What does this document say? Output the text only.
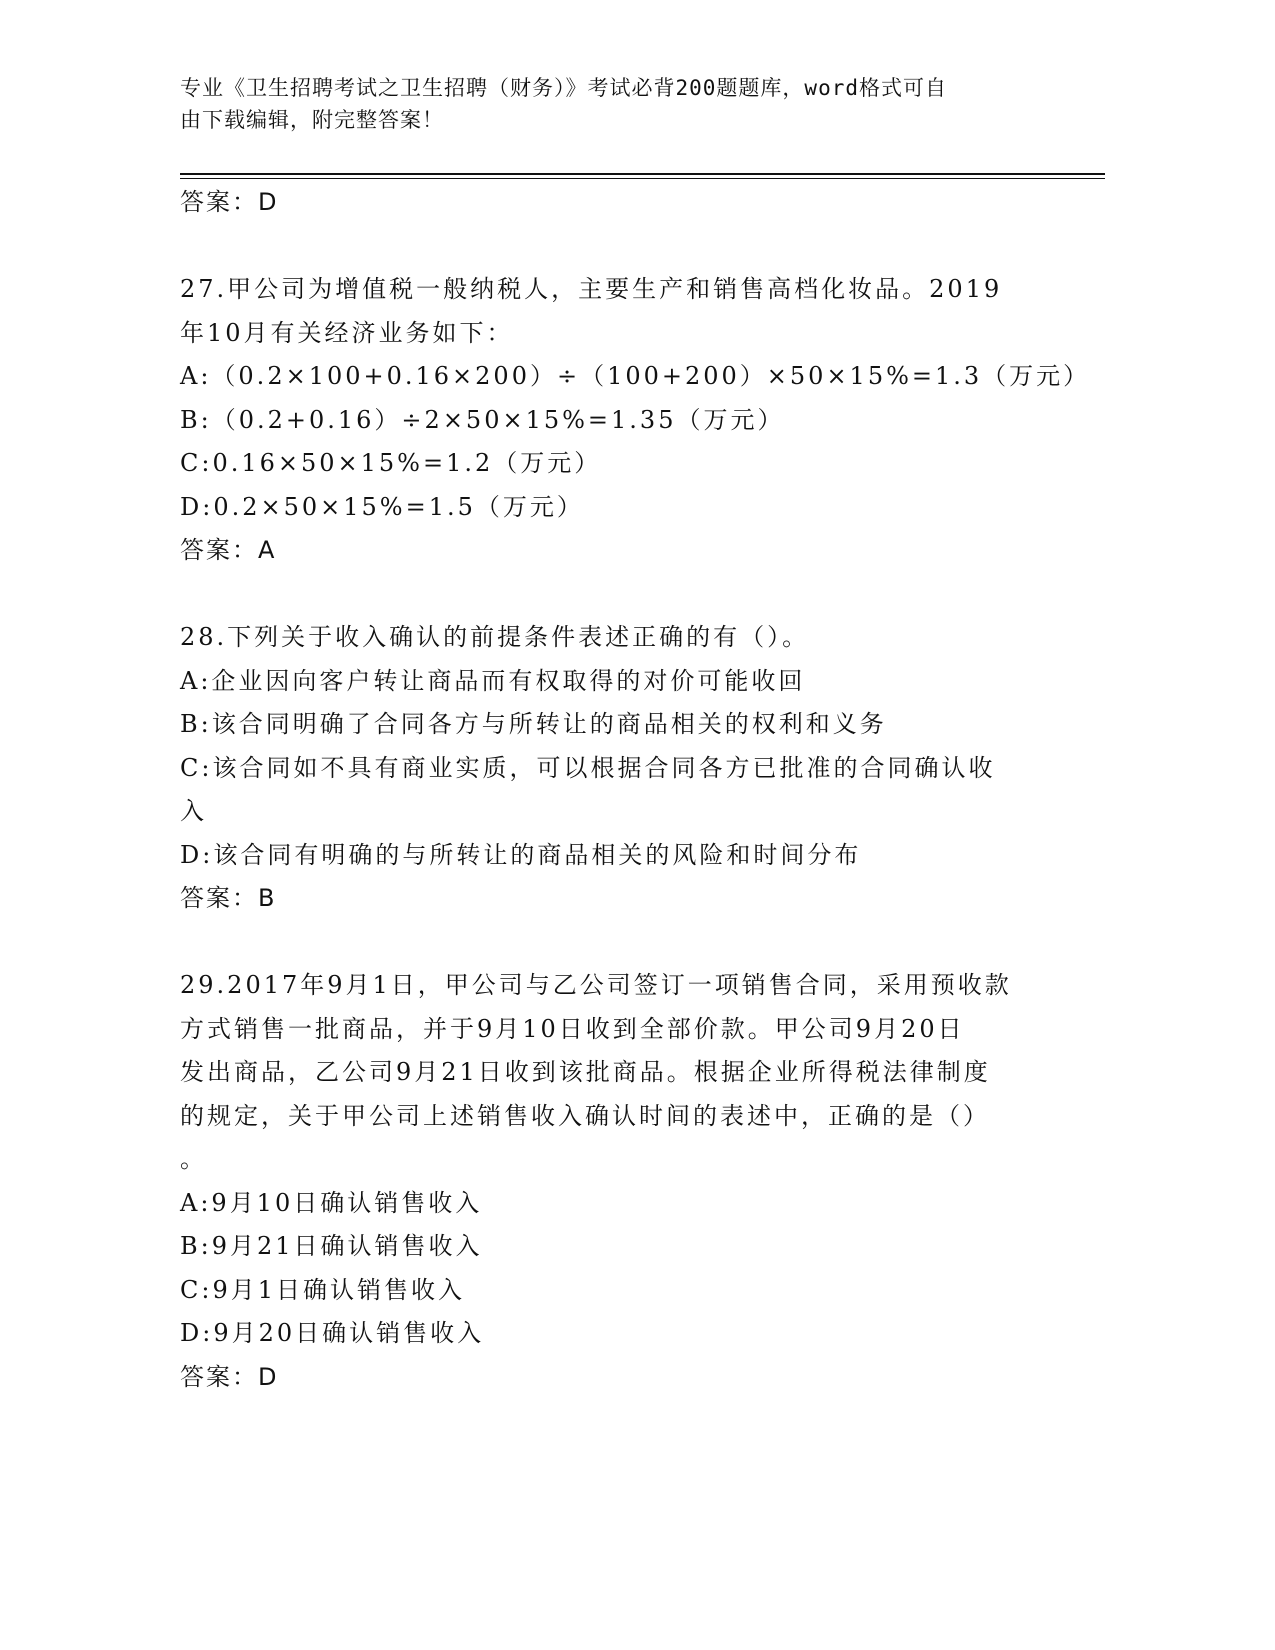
专业《卫生招聘考试之卫生招聘（财务）》考试必背200题题库，word格式可自
由下载编辑，附完整答案！
答案：D
27.甲公司为增值税一般纳税人，主要生产和销售高档化妆品。2019
年10月有关经济业务如下：
A:（0.2×100+0.16×200）÷（100+200）×50×15%=1.3（万元）
B:（0.2+0.16）÷2×50×15%=1.35（万元）
C:0.16×50×15%=1.2（万元）
D:0.2×50×15%=1.5（万元）
答案：A
28.下列关于收入确认的前提条件表述正确的有（）。
A:企业因向客户转让商品而有权取得的对价可能收回
B:该合同明确了合同各方与所转让的商品相关的权利和义务
C:该合同如不具有商业实质，可以根据合同各方已批准的合同确认收
入
D:该合同有明确的与所转让的商品相关的风险和时间分布
答案：B
29.2017年9月1日，甲公司与乙公司签订一项销售合同，采用预收款
方式销售一批商品，并于9月10日收到全部价款。甲公司9月20日
发出商品，乙公司9月21日收到该批商品。根据企业所得税法律制度
的规定，关于甲公司上述销售收入确认时间的表述中，正确的是（）
。
A:9月10日确认销售收入
B:9月21日确认销售收入
C:9月1日确认销售收入
D:9月20日确认销售收入
答案：D
